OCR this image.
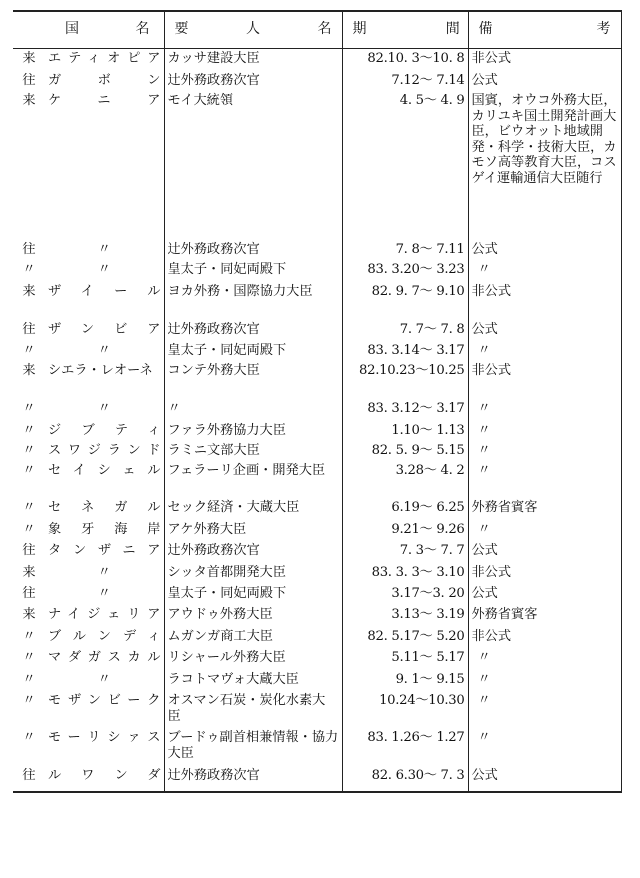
	国　　　名	要　　人　　名	期　　間	備　　　　考
来	エティオピア	カッサ建設大臣	82.10. 3～10. 8	非公式
往	ガボン	辻外務政務次官	7.12～ 7.14	公式
来	ケニア	モイ大統領	4. 5～ 4. 9	国賓，オウコ外務大臣，カリユキ国土開発計画大臣，ビウオット地域開発・科学・技術大臣，カモソ高等教育大臣，コスゲイ運輸通信大臣随行
往	〃	辻外務政務次官	7. 8～ 7.11	公式
〃	〃	皇太子・同妃両殿下	83. 3.20～ 3.23	〃
来	ザイール	ヨカ外務・国際協力大臣	82. 9. 7～ 9.10	非公式
往	ザンビア	辻外務政務次官	7. 7～ 7. 8	公式
〃	〃	皇太子・同妃両殿下	83. 3.14～ 3.17	〃
来	シエラ・レオーネ	コンテ外務大臣	82.10.23～10.25	非公式
〃	〃	〃	83. 3.12～ 3.17	〃
〃	ジブティ	ファラ外務協力大臣	1.10～ 1.13	〃
〃	スワジランド	ラミニ文部大臣	82. 5. 9～ 5.15	〃
〃	セイシェル	フェラーリ企画・開発大臣	3.28～ 4. 2	〃
〃	セネガル	セック経済・大蔵大臣	6.19～ 6.25	外務省賓客
〃	象牙海岸	アケ外務大臣	9.21～ 9.26	〃
往	タンザニア	辻外務政務次官	7. 3～ 7. 7	公式
来	〃	シッタ首都開発大臣	83. 3. 3～ 3.10	非公式
往	〃	皇太子・同妃両殿下	3.17～3. 20	公式
来	ナイジェリア	アウドゥ外務大臣	3.13～ 3.19	外務省賓客
〃	ブルンディ	ムガンガ商工大臣	82. 5.17～ 5.20	非公式
〃	マダガスカル	リシャール外務大臣	5.11～ 5.17	〃
〃	〃	ラコトマヴォ大蔵大臣	9. 1～ 9.15	〃
〃	モザンビーク	オスマン石炭・炭化水素大臣	10.24～10.30	〃
〃	モーリシァス	ブードゥ副首相兼情報・協力大臣	83. 1.26～ 1.27	〃
往	ルワンダ	辻外務政務次官	82. 6.30～ 7. 3	公式
